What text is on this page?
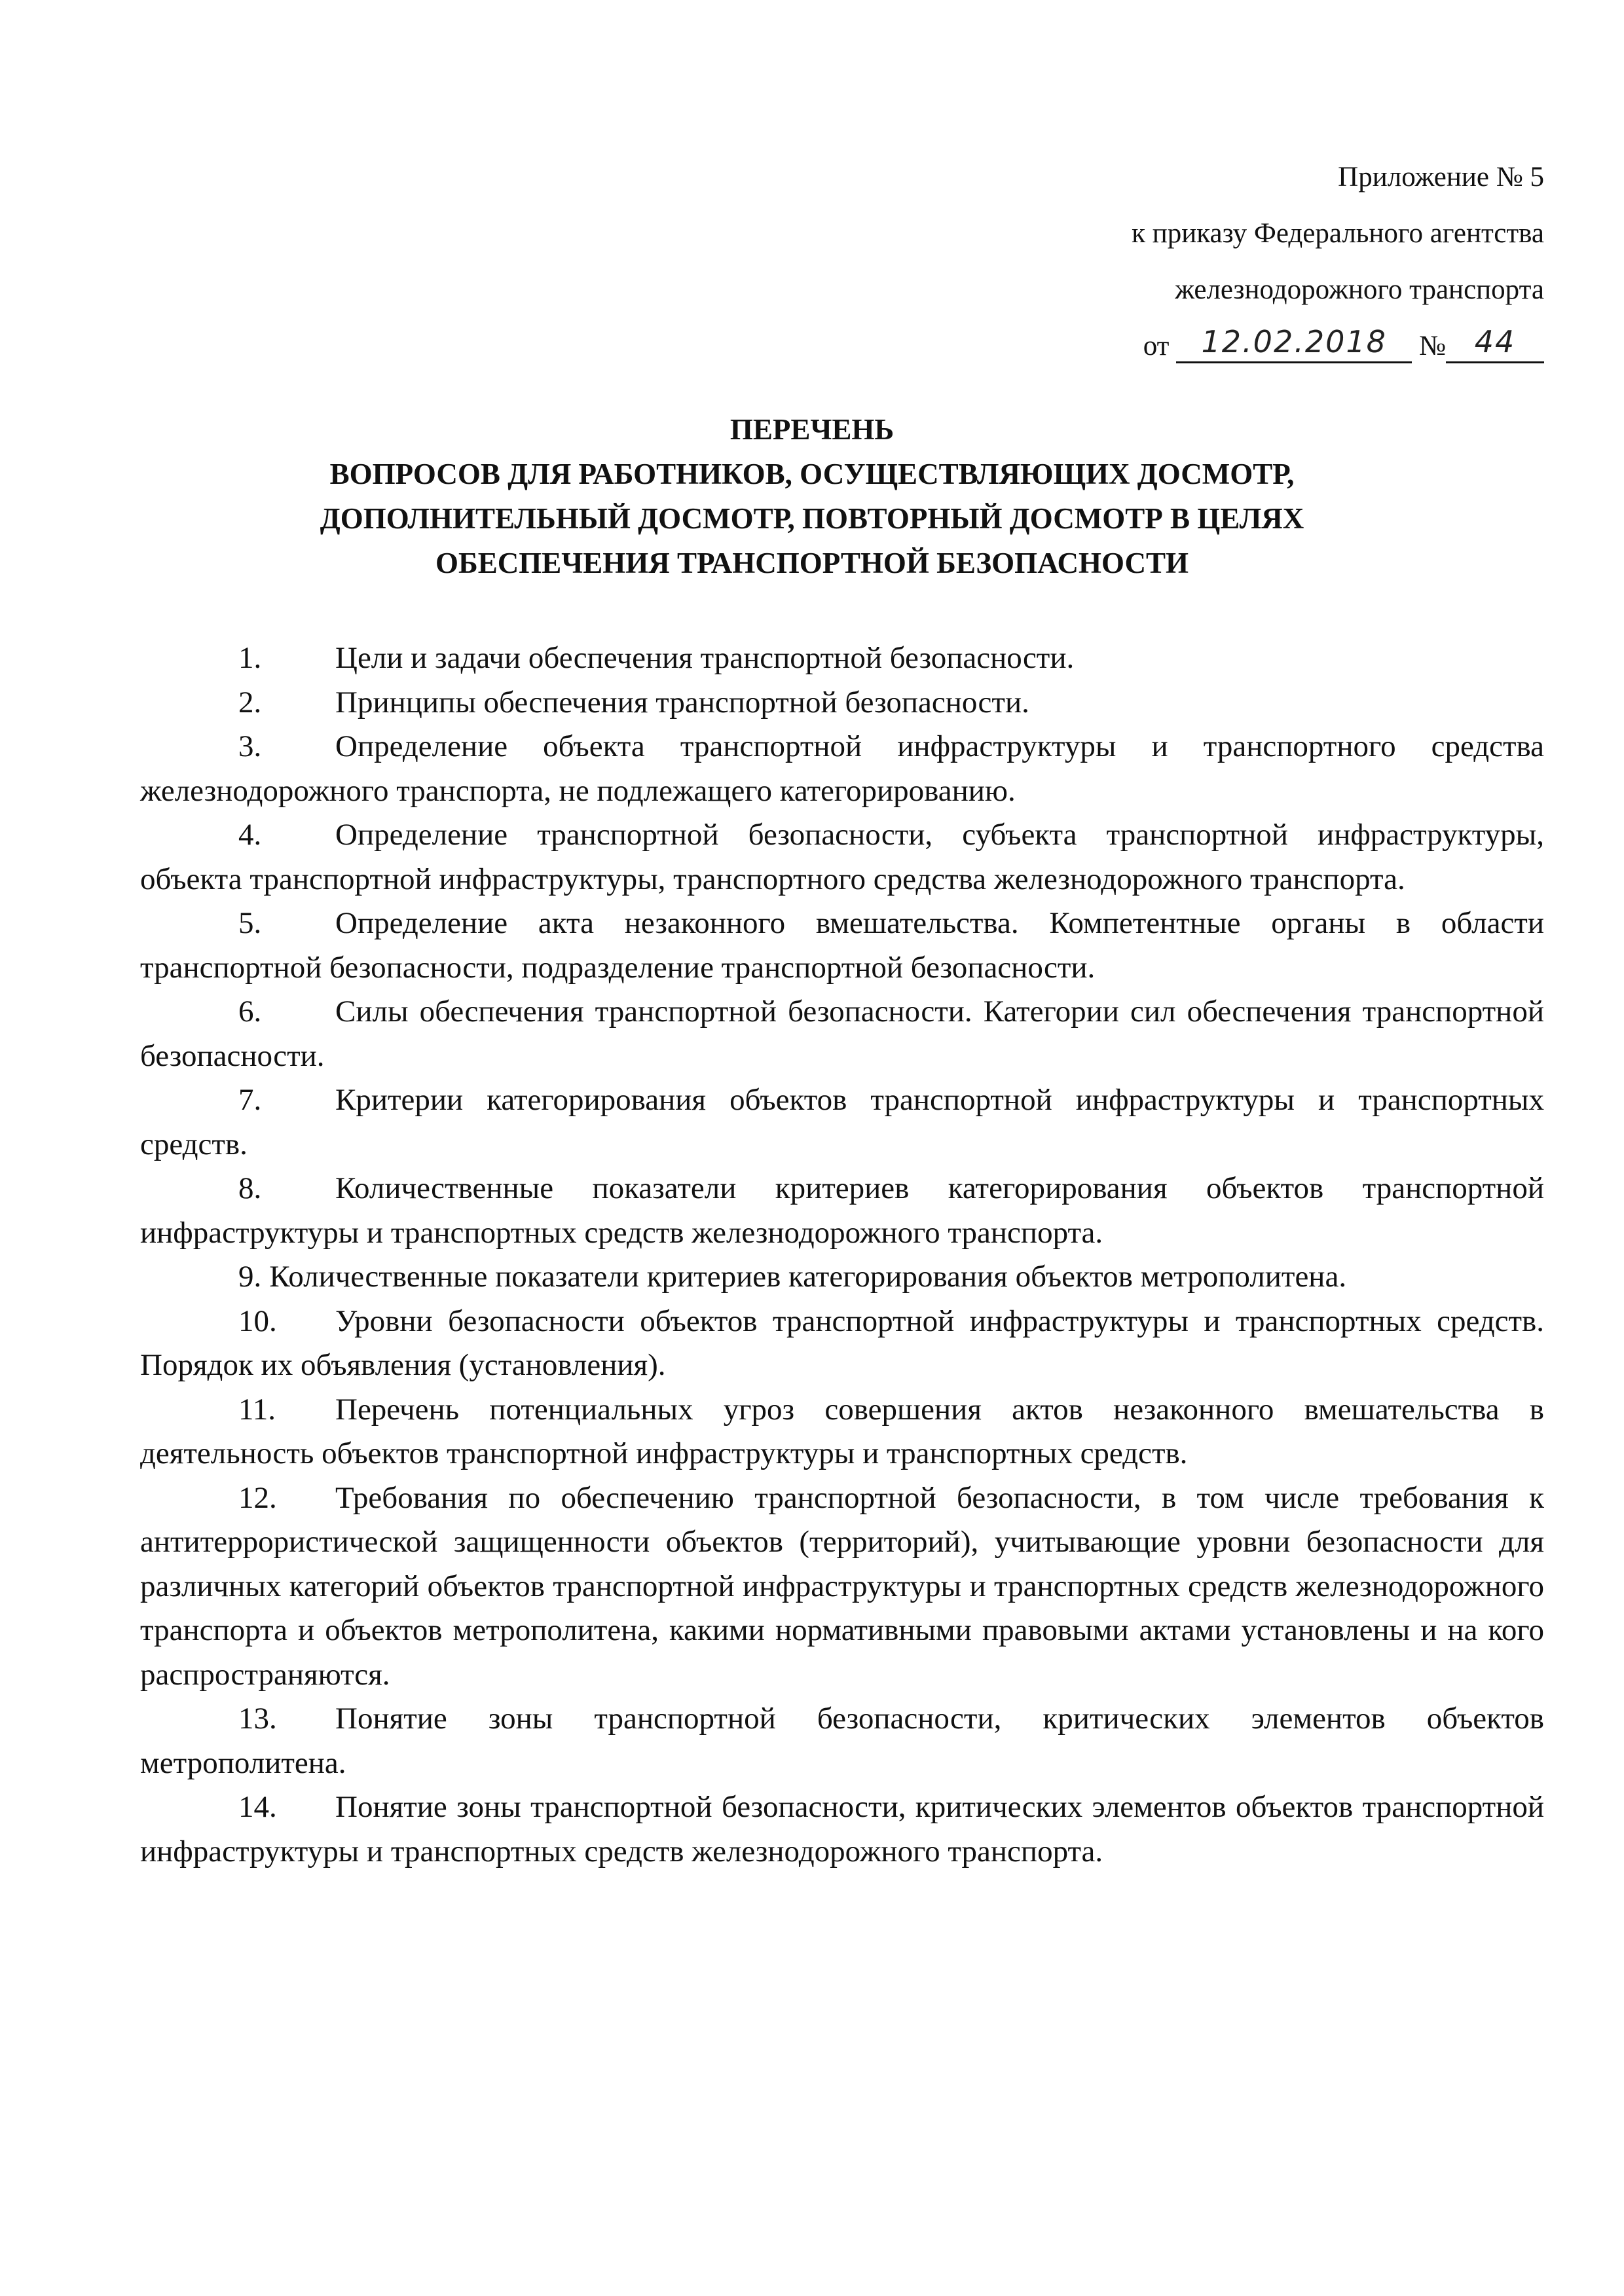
Приложение № 5
к приказу Федерального агентства
железнодорожного транспорта
от 12.02.2018 № 44
ПЕРЕЧЕНЬ
ВОПРОСОВ ДЛЯ РАБОТНИКОВ, ОСУЩЕСТВЛЯЮЩИХ ДОСМОТР,
ДОПОЛНИТЕЛЬНЫЙ ДОСМОТР, ПОВТОРНЫЙ ДОСМОТР В ЦЕЛЯХ
ОБЕСПЕЧЕНИЯ ТРАНСПОРТНОЙ БЕЗОПАСНОСТИ

1. Цели и задачи обеспечения транспортной безопасности.

2. Принципы обеспечения транспортной безопасности.

3. Определение объекта транспортной инфраструктуры и транспортного средства железнодорожного транспорта, не подлежащего категорированию.

4. Определение транспортной безопасности, субъекта транспортной инфраструктуры, объекта транспортной инфраструктуры, транспортного средства железнодорожного транспорта.

5. Определение акта незаконного вмешательства. Компетентные органы в области транспортной безопасности, подразделение транспортной безопасности.

6. Силы обеспечения транспортной безопасности. Категории сил обеспечения транспортной безопасности.

7. Критерии категорирования объектов транспортной инфраструктуры и транспортных средств.

8. Количественные показатели критериев категорирования объектов транспортной инфраструктуры и транспортных средств железнодорожного транспорта.

9. Количественные показатели критериев категорирования объектов метрополитена.

10. Уровни безопасности объектов транспортной инфраструктуры и транспортных средств. Порядок их объявления (установления).

11. Перечень потенциальных угроз совершения актов незаконного вмешательства в деятельность объектов транспортной инфраструктуры и транспортных средств.

12. Требования по обеспечению транспортной безопасности, в том числе требования к антитеррористической защищенности объектов (территорий), учитывающие уровни безопасности для различных категорий объектов транспортной инфраструктуры и транспортных средств железнодорожного транспорта и объектов метрополитена, какими нормативными правовыми актами установлены и на кого распространяются.

13. Понятие зоны транспортной безопасности, критических элементов объектов метрополитена.

14. Понятие зоны транспортной безопасности, критических элементов объектов транспортной инфраструктуры и транспортных средств железнодорожного транспорта.
